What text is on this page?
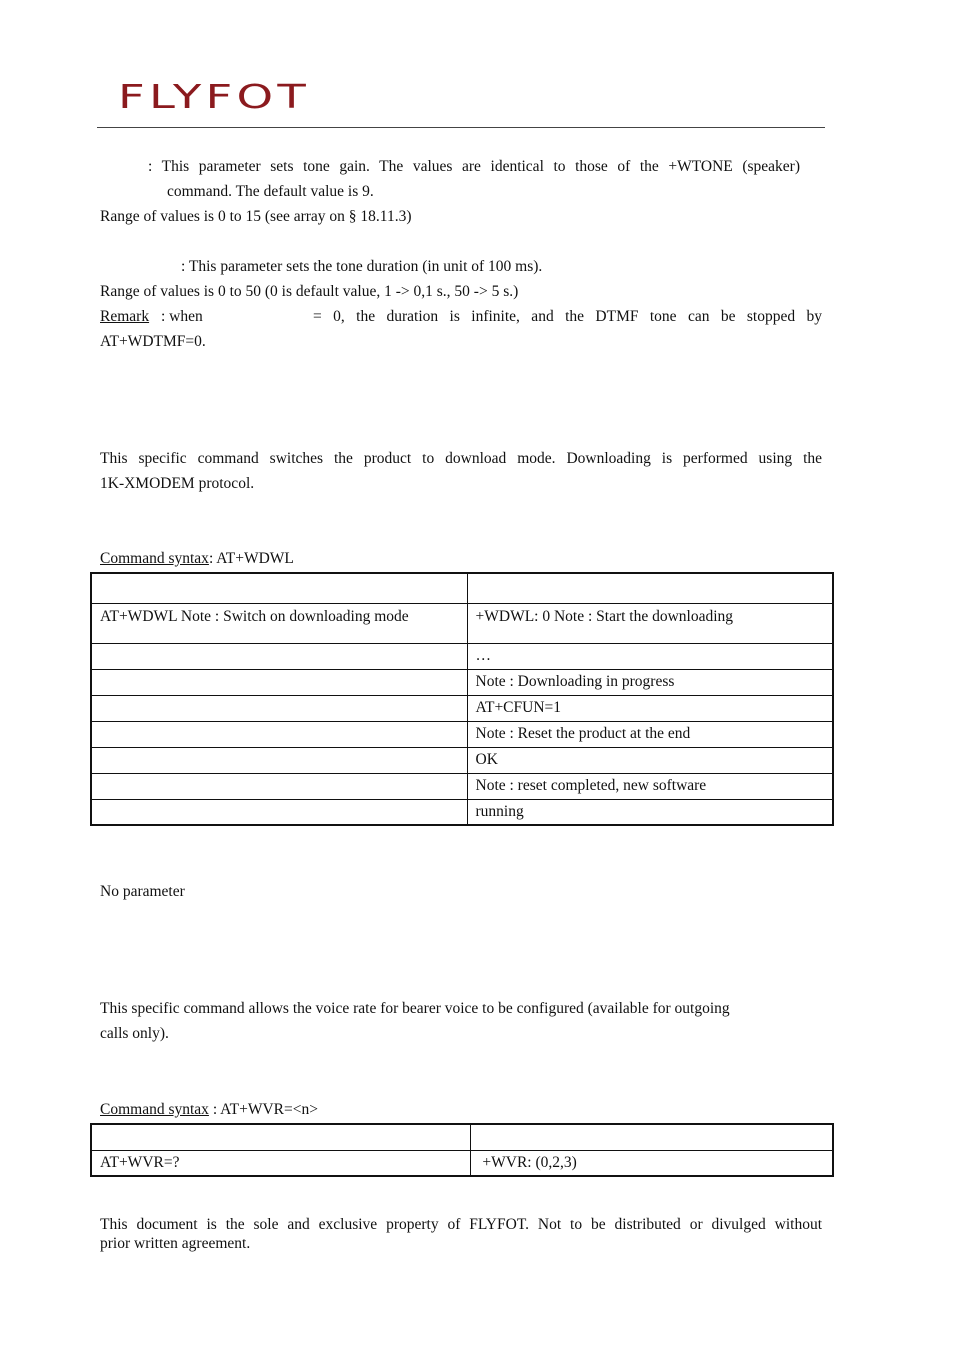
FLYFOT
: This parameter sets tone gain. The values are identical to those of the +WTONE (speaker)
command. The default value is 9.
Range of values is 0 to 15 (see array on § 18.11.3)
: This parameter sets the tone duration (in unit of 100 ms).
Range of values is 0 to 50 (0 is default value, 1 -> 0,1 s., 50 -> 5 s.)
Remark : when	= 0, the duration is infinite, and the DTMF tone can be stopped by
AT+WDTMF=0.
This specific command switches the product to download mode. Downloading is performed using the
1K-XMODEM protocol.
Command syntax: AT+WDWL

AT+WDWL Note : Switch on downloading mode	+WDWL: 0 Note : Start the downloading
	…
	Note : Downloading in progress
	AT+CFUN=1
	Note : Reset the product at the end
	OK
	Note : reset completed, new software
	running
No parameter
This specific command allows the voice rate for bearer voice to be configured (available for outgoing
calls only).
Command syntax : AT+WVR=<n>

AT+WVR=?	+WVR: (0,2,3)
This document is the sole and exclusive property of FLYFOT. Not to be distributed or divulged without
prior written agreement.
